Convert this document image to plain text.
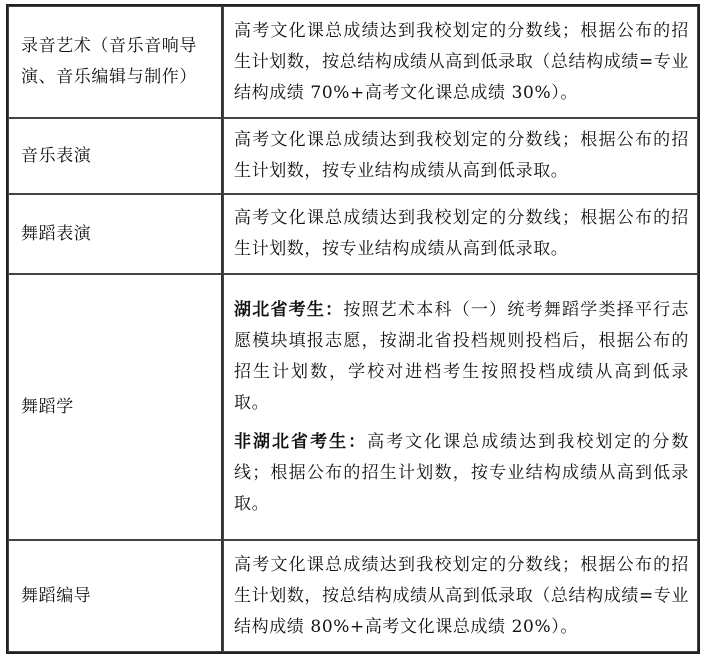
录音艺术（音乐音响导演、音乐编辑与制作）	高考文化课总成绩达到我校划定的分数线；根据公布的招生计划数，按总结构成绩从高到低录取（总结构成绩=专业结构成绩 70%+高考文化课总成绩 30%）。
音乐表演	高考文化课总成绩达到我校划定的分数线；根据公布的招生计划数，按专业结构成绩从高到低录取。
舞蹈表演	高考文化课总成绩达到我校划定的分数线；根据公布的招生计划数，按专业结构成绩从高到低录取。
舞蹈学	湖北省考生：按照艺术本科（一）统考舞蹈学类择平行志愿模块填报志愿，按湖北省投档规则投档后，根据公布的招生计划数，学校对进档考生按照投档成绩从高到低录取。

非湖北省考生：高考文化课总成绩达到我校划定的分数线；根据公布的招生计划数，按专业结构成绩从高到低录取。

舞蹈编导	高考文化课总成绩达到我校划定的分数线；根据公布的招生计划数，按总结构成绩从高到低录取（总结构成绩=专业结构成绩 80%+高考文化课总成绩 20%）。
